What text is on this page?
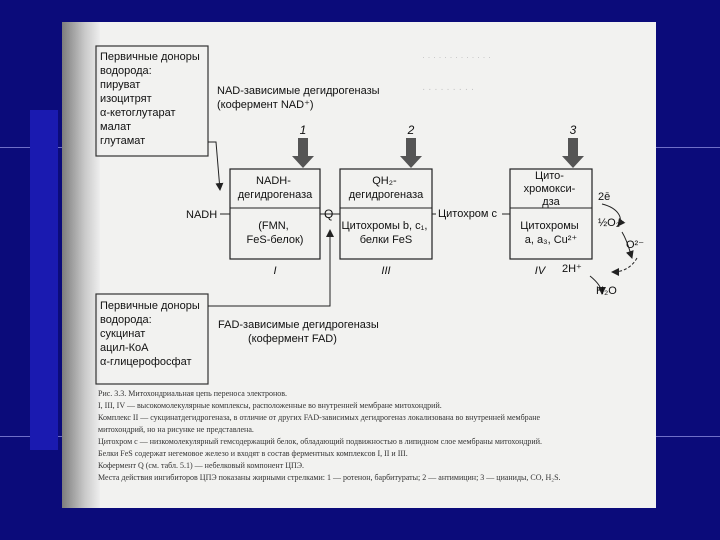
· · · · · · · · · · · · ·
· · · · · · · · ·
Первичные доноры водорода: пируват изоцитрят α-кетоглутарат малат глутамат
NAD-зависимые дегидрогеназы (кофермент NAD⁺)
1	2	3
NADH- дегидрогеназа
(FMN, FeS-белок)
I
QH₂- дегидрогеназа
Цитохромы b, c₁, белки FeS
III
Цито- хромокси- дза
Цитохромы a, a₃, Cu²⁺
IV
NADH	Q	Цитохром c
2ē
½O₂
O²⁻
2H⁺
H₂O
Первичные доноры водорода: сукцинат ацил-КоА α-глицерофосфат
FAD-зависимые дегидрогеназы (кофермент FAD)
Рис. 3.3. Митохондриальная цепь переноса электронов. I, III, IV — высокомолекулярные комплексы, расположенные во внутренней мембране митохондрий. Комплекс II — сукцинатдегидрогеназа, в отличие от других FAD-зависимых дегидрогеназ локализована во внутренней мембране митохондрий, но на рисунке не представлена. Цитохром c — низкомолекулярный гемсодержащий белок, обладающий подвижностью в липидном слое мембраны митохондрий. Белки FeS содержат негемовое железо и входят в состав ферментных комплексов I, II и III. Кофермент Q (см. табл. 5.1) — небелковый компонент ЦПЭ. Места действия ингибиторов ЦПЭ показаны жирными стрелками: 1 — ротенон, барбитураты; 2 — антимицин; 3 — цианиды, CO, H₂S.
